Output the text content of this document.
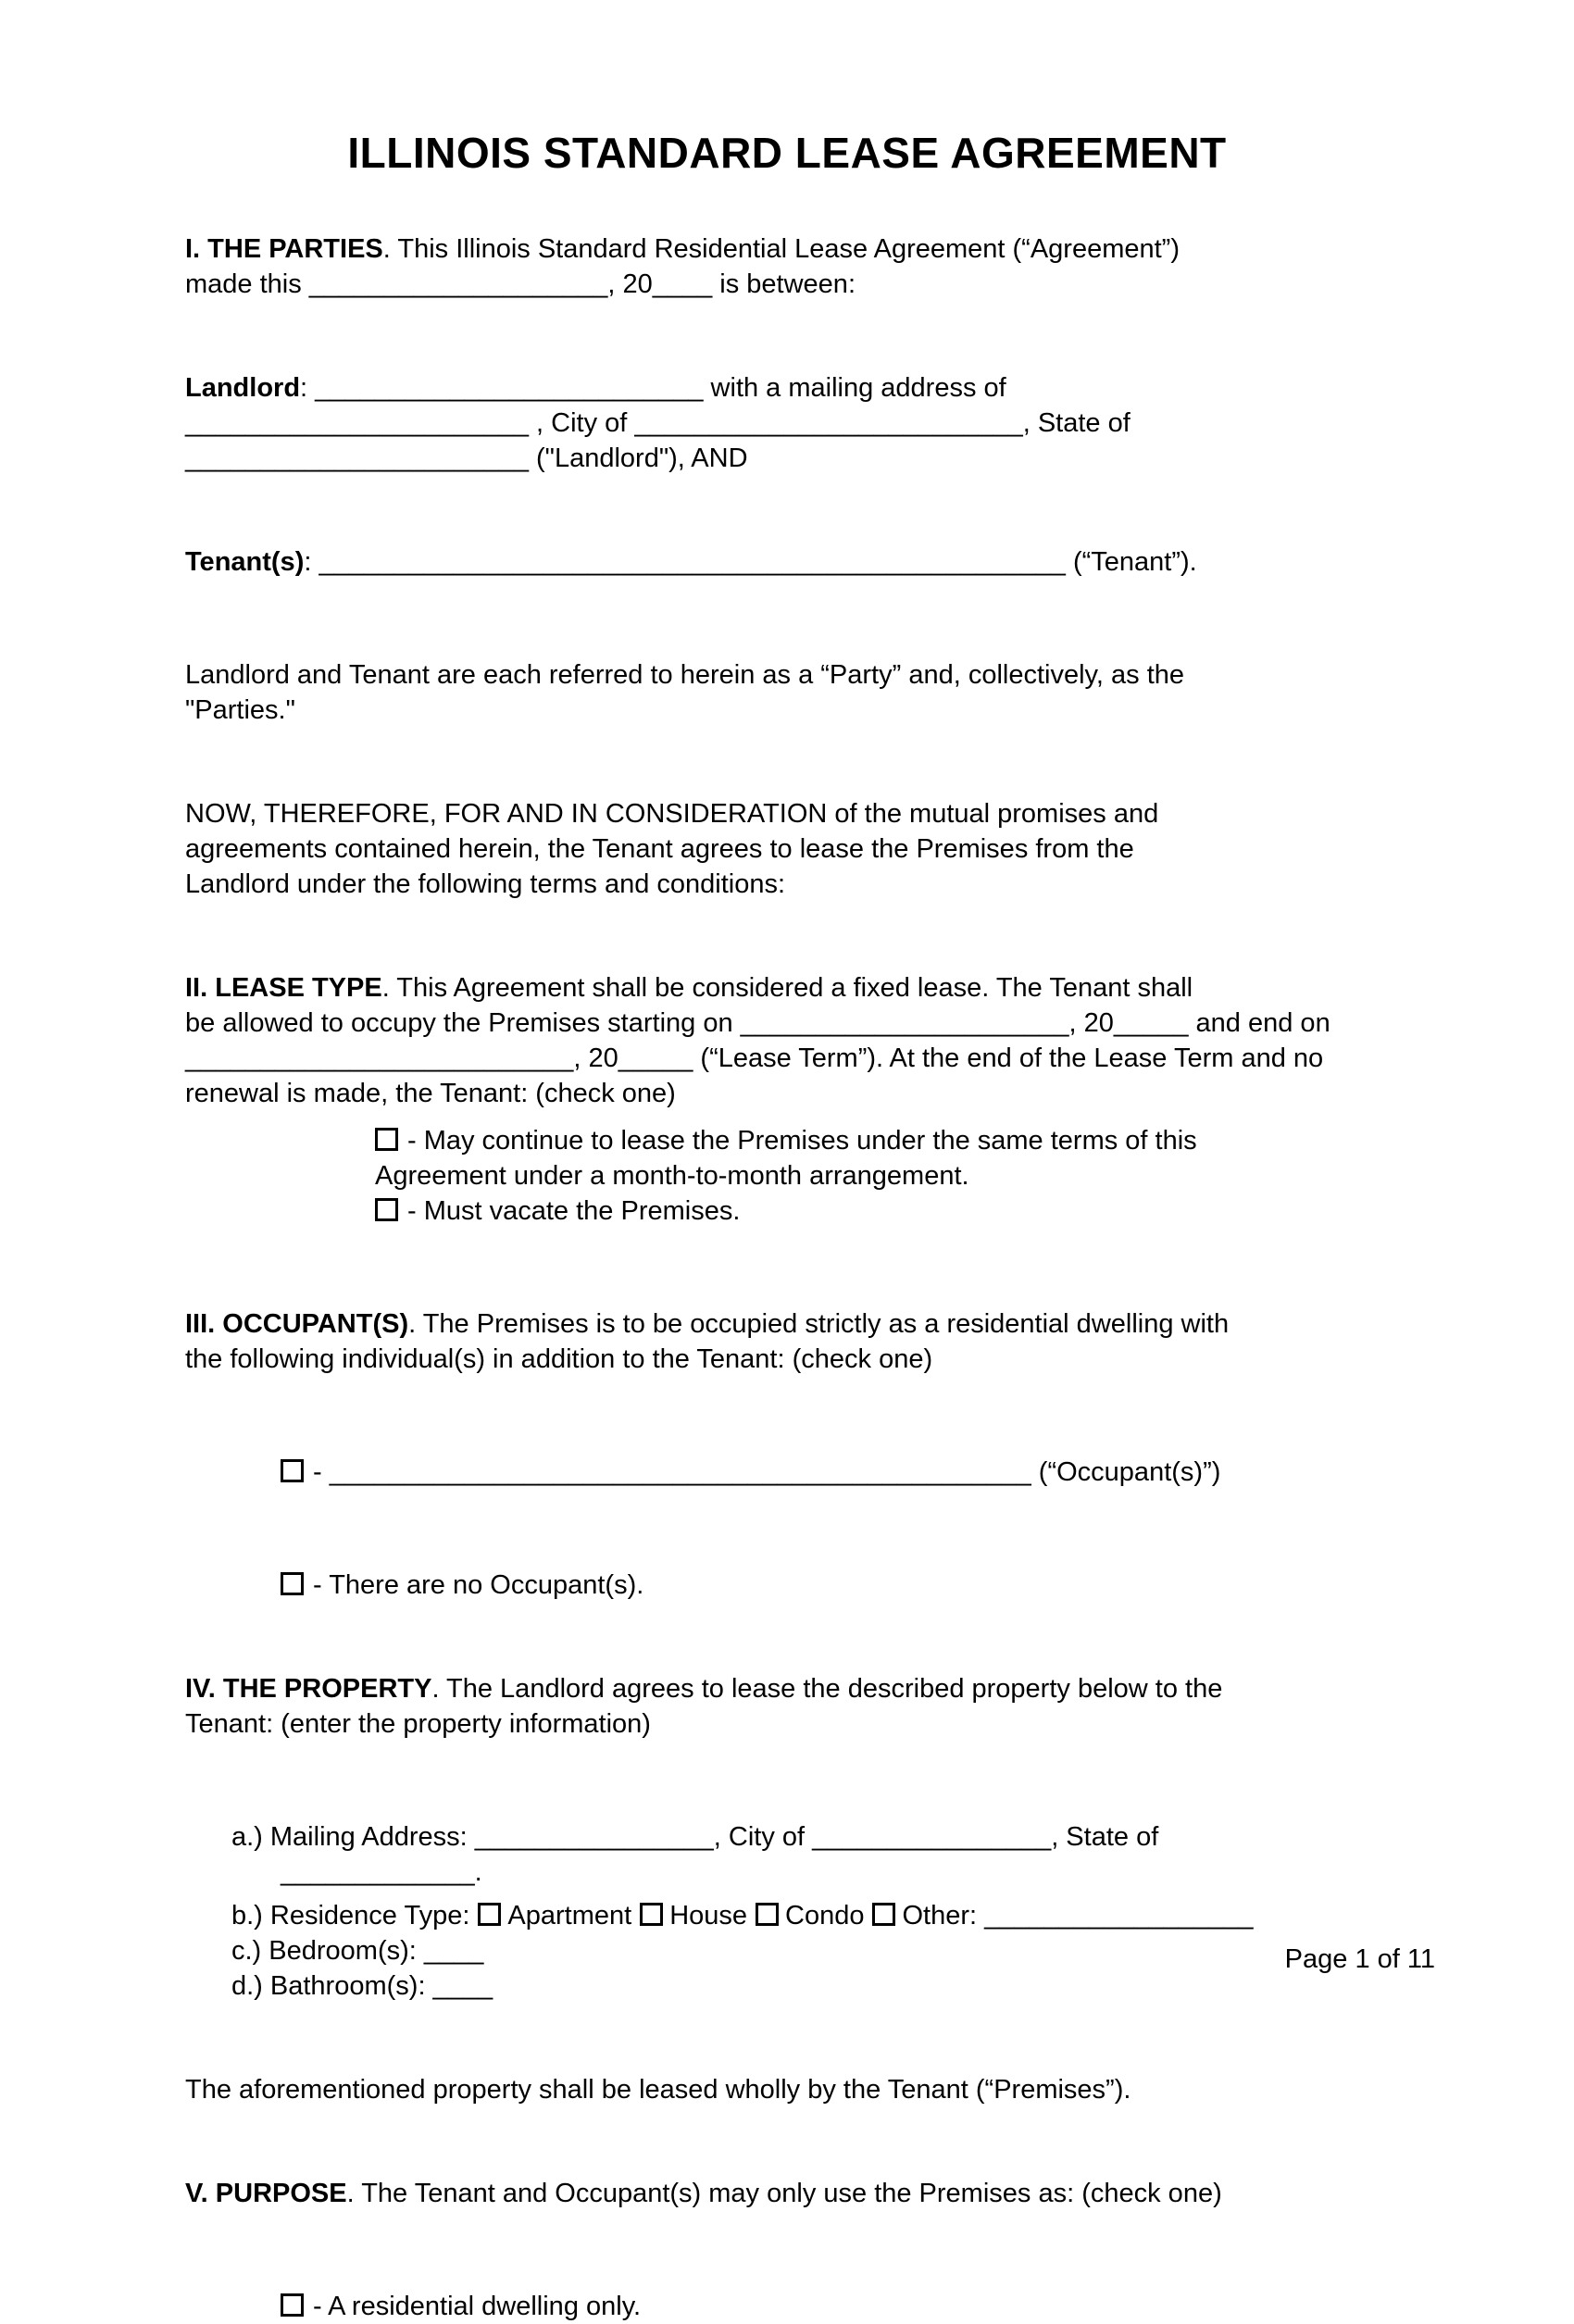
ILLINOIS STANDARD LEASE AGREEMENT
I. THE PARTIES. This Illinois Standard Residential Lease Agreement (“Agreement”)
made this ____________________, 20____ is between:
Landlord: __________________________ with a mailing address of
_______________________ , City of __________________________, State of
_______________________ ("Landlord"), AND
Tenant(s): __________________________________________________ (“Tenant”).
Landlord and Tenant are each referred to herein as a “Party” and, collectively, as the
"Parties."
NOW, THEREFORE, FOR AND IN CONSIDERATION of the mutual promises and
agreements contained herein, the Tenant agrees to lease the Premises from the
Landlord under the following terms and conditions:
II. LEASE TYPE. This Agreement shall be considered a fixed lease. The Tenant shall
be allowed to occupy the Premises starting on ______________________, 20_____ and end on
__________________________, 20_____ (“Lease Term”). At the end of the Lease Term and no
renewal is made, the Tenant: (check one)
- May continue to lease the Premises under the same terms of this
Agreement under a month-to-month arrangement.
- Must vacate the Premises.
III. OCCUPANT(S). The Premises is to be occupied strictly as a residential dwelling with
the following individual(s) in addition to the Tenant: (check one)
- _______________________________________________ (“Occupant(s)”)
- There are no Occupant(s).
IV. THE PROPERTY. The Landlord agrees to lease the described property below to the
Tenant: (enter the property information)
a.) Mailing Address: ________________, City of ________________, State of
_____________.
b.) Residence Type: Apartment House Condo Other: __________________
c.) Bedroom(s): ____
d.) Bathroom(s): ____
The aforementioned property shall be leased wholly by the Tenant (“Premises”).
V. PURPOSE. The Tenant and Occupant(s) may only use the Premises as: (check one)
- A residential dwelling only.
Page 1 of 11
